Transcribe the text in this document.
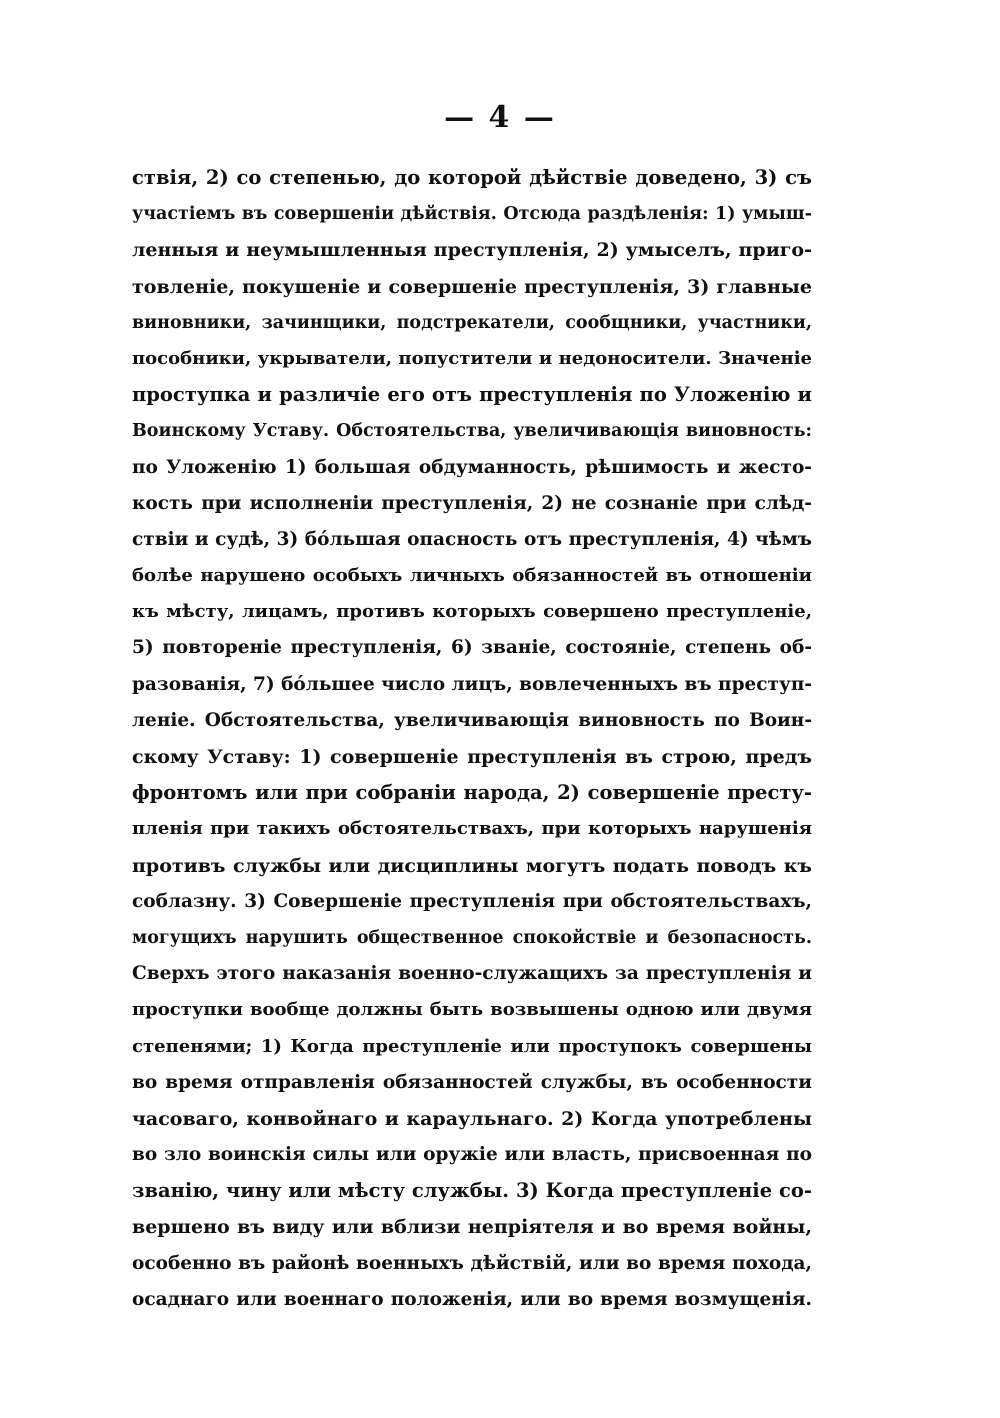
— 4 —
ствія, 2) со степенью, до которой дѣйствіе доведено, 3) съ
участіемъ въ совершеніи дѣйствія. Отсюда раздѣленія: 1) умыш-
ленныя и неумышленныя преступленія, 2) умыселъ, приго-
товленіе, покушеніе и совершеніе преступленія, 3) главные
виновники, зачинщики, подстрекатели, сообщники, участники,
пособники, укрыватели, попустители и недоносители. Значеніе
проступка и различіе его отъ преступленія по Уложенію и
Воинскому Уставу. Обстоятельства, увеличивающія виновность:
по Уложенію 1) большая обдуманность, рѣшимость и жесто-
кость при исполненіи преступленія, 2) не сознаніе при слѣд-
ствіи и судѣ, 3) бóльшая опасность отъ преступленія, 4) чѣмъ
болѣе нарушено особыхъ личныхъ обязанностей въ отношеніи
къ мѣсту, лицамъ, противъ которыхъ совершено преступленіе,
5) повтореніе преступленія, 6) званіе, состояніе, степень об-
разованія, 7) бóльшее число лицъ, вовлеченныхъ въ преступ-
леніе. Обстоятельства, увеличивающія виновность по Воин-
скому Уставу: 1) совершеніе преступленія въ строю, предъ
фронтомъ или при собраніи народа, 2) совершеніе престу-
пленія при такихъ обстоятельствахъ, при которыхъ нарушенія
противъ службы или дисциплины могутъ подать поводъ къ
соблазну. 3) Совершеніе преступленія при обстоятельствахъ,
могущихъ нарушить общественное спокойствіе и безопасность.
Сверхъ этого наказанія военно-служащихъ за преступленія и
проступки вообще должны быть возвышены одною или двумя
степенями; 1) Когда преступленіе или проступокъ совершены
во время отправленія обязанностей службы, въ особенности
часоваго, конвойнаго и караульнаго. 2) Когда употреблены
во зло воинскія силы или оружіе или власть, присвоенная по
званію, чину или мѣсту службы. 3) Когда преступленіе со-
вершено въ виду или вблизи непріятеля и во время войны,
особенно въ районѣ военныхъ дѣйствій, или во время похода,
осаднаго или военнаго положенія, или во время возмущенія.
